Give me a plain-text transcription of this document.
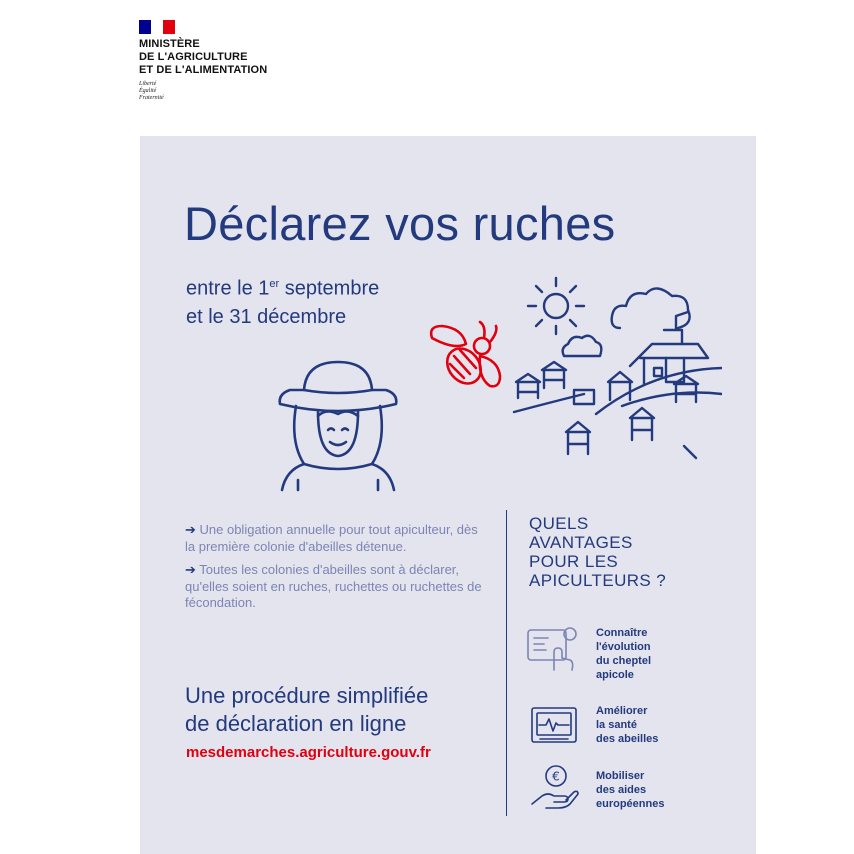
MINISTÈRE
DE L'AGRICULTURE
ET DE L'ALIMENTATION
Liberté
Égalité
Fraternité
Déclarez vos ruches
entre le 1er septembre
et le 31 décembre

➔ Une obligation annuelle pour tout apiculteur, dès la première colonie d'abeilles détenue.

➔ Toutes les colonies d'abeilles sont à déclarer, qu'elles soient en ruches, ruchettes ou ruchettes de fécondation.

Une procédure simplifiée
de déclaration en ligne
mesdemarches.agriculture.gouv.fr
QUELS
AVANTAGES
POUR LES
APICULTEURS ?
Connaître
l'évolution
du cheptel
apicole
Améliorer
la santé
des abeilles
€	Mobiliser
des aides
européennes
